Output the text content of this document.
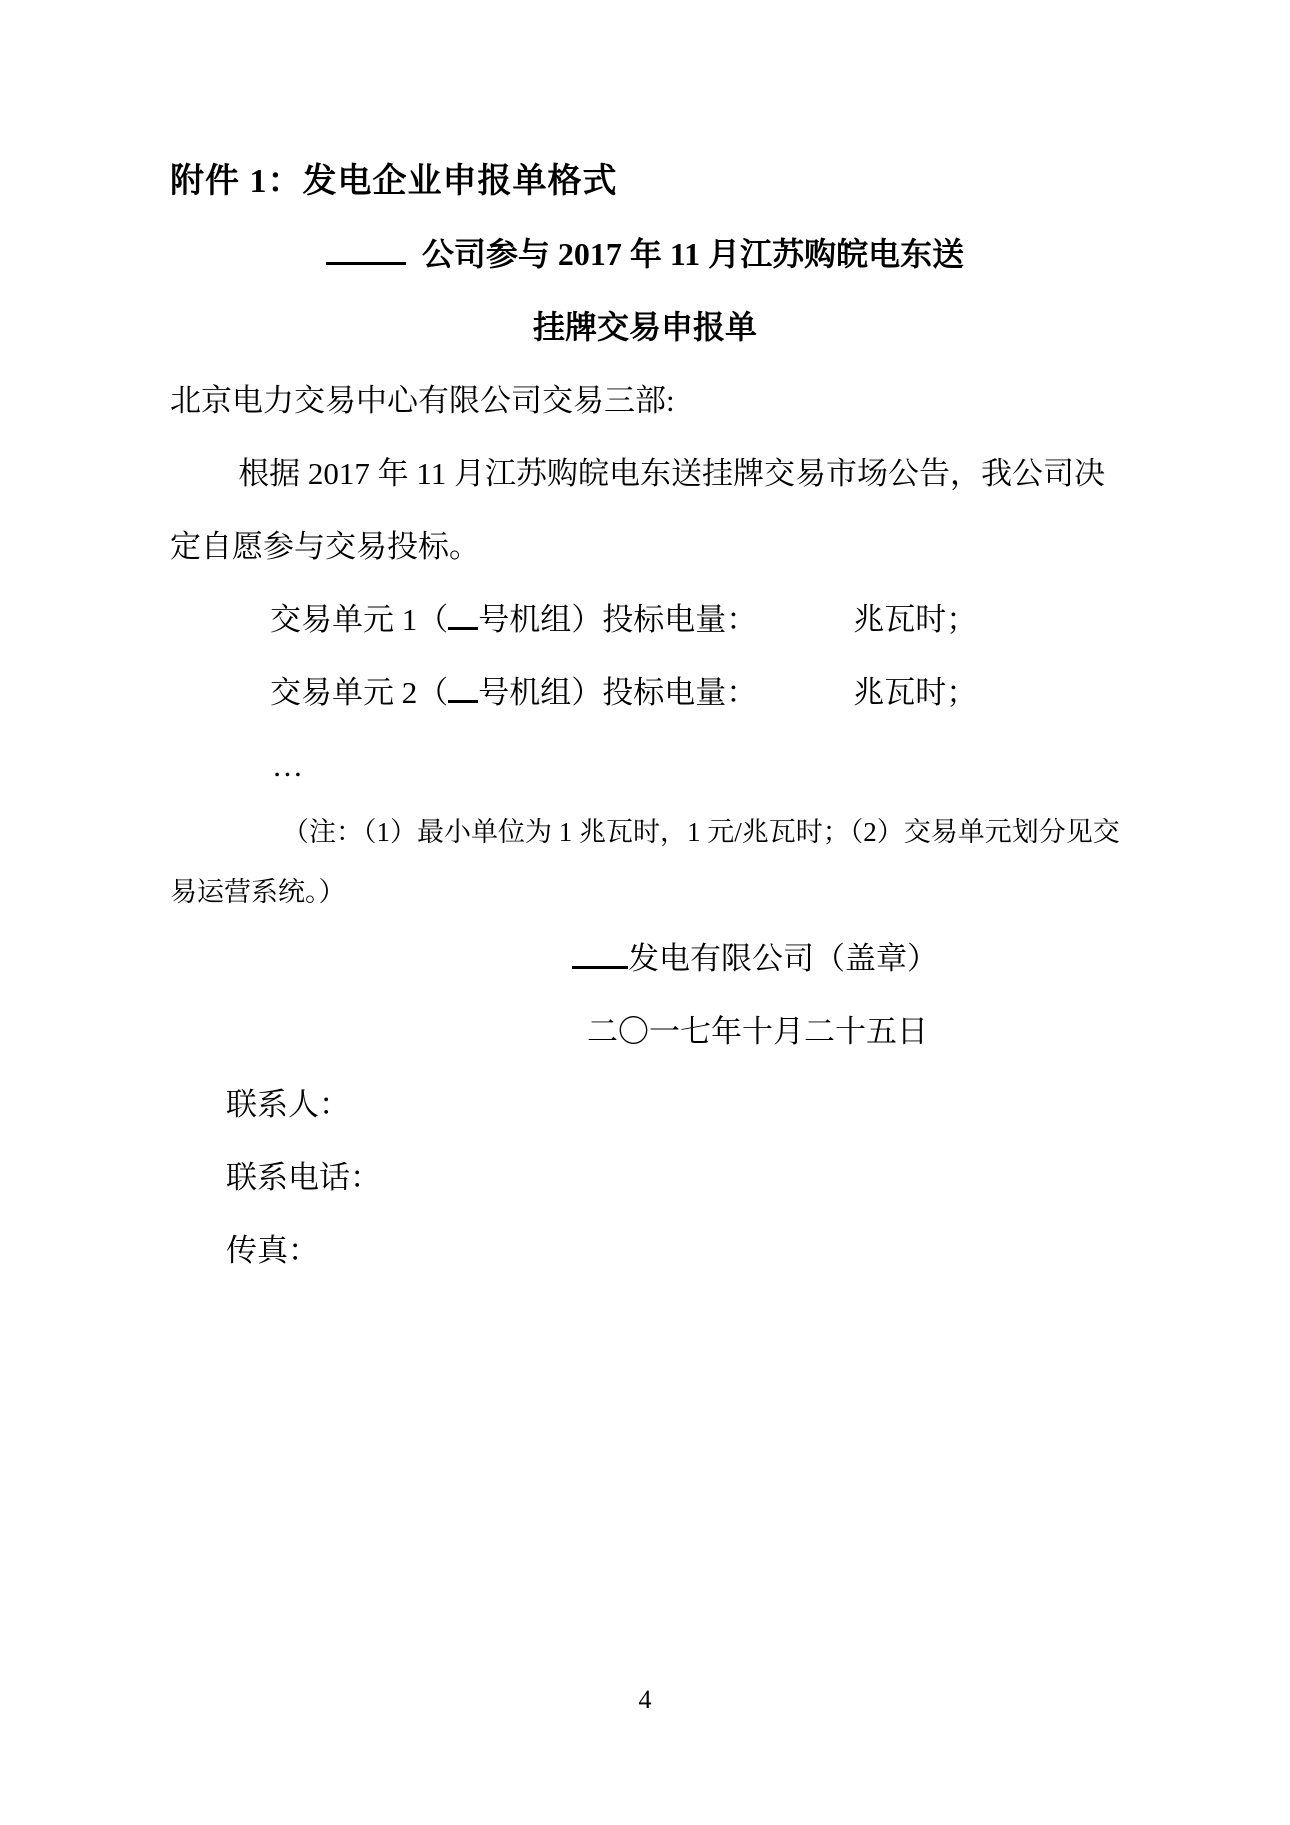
附件 1：发电企业申报单格式

公司参与 2017 年 11 月江苏购皖电东送

挂牌交易申报单

北京电力交易中心有限公司交易三部:

根据 2017 年 11 月江苏购皖电东送挂牌交易市场公告，我公司决

定自愿参与交易投标。

交易单元 1（ 号机组）投标电量：	兆瓦时；

交易单元 2（ 号机组）投标电量：	兆瓦时；

…

（注：（1）最小单位为 1 兆瓦时，1 元/兆瓦时；（2）交易单元划分见交

易运营系统。）

发电有限公司（盖章）

二〇一七年十月二十五日

联系人：

联系电话：

传真：

4
